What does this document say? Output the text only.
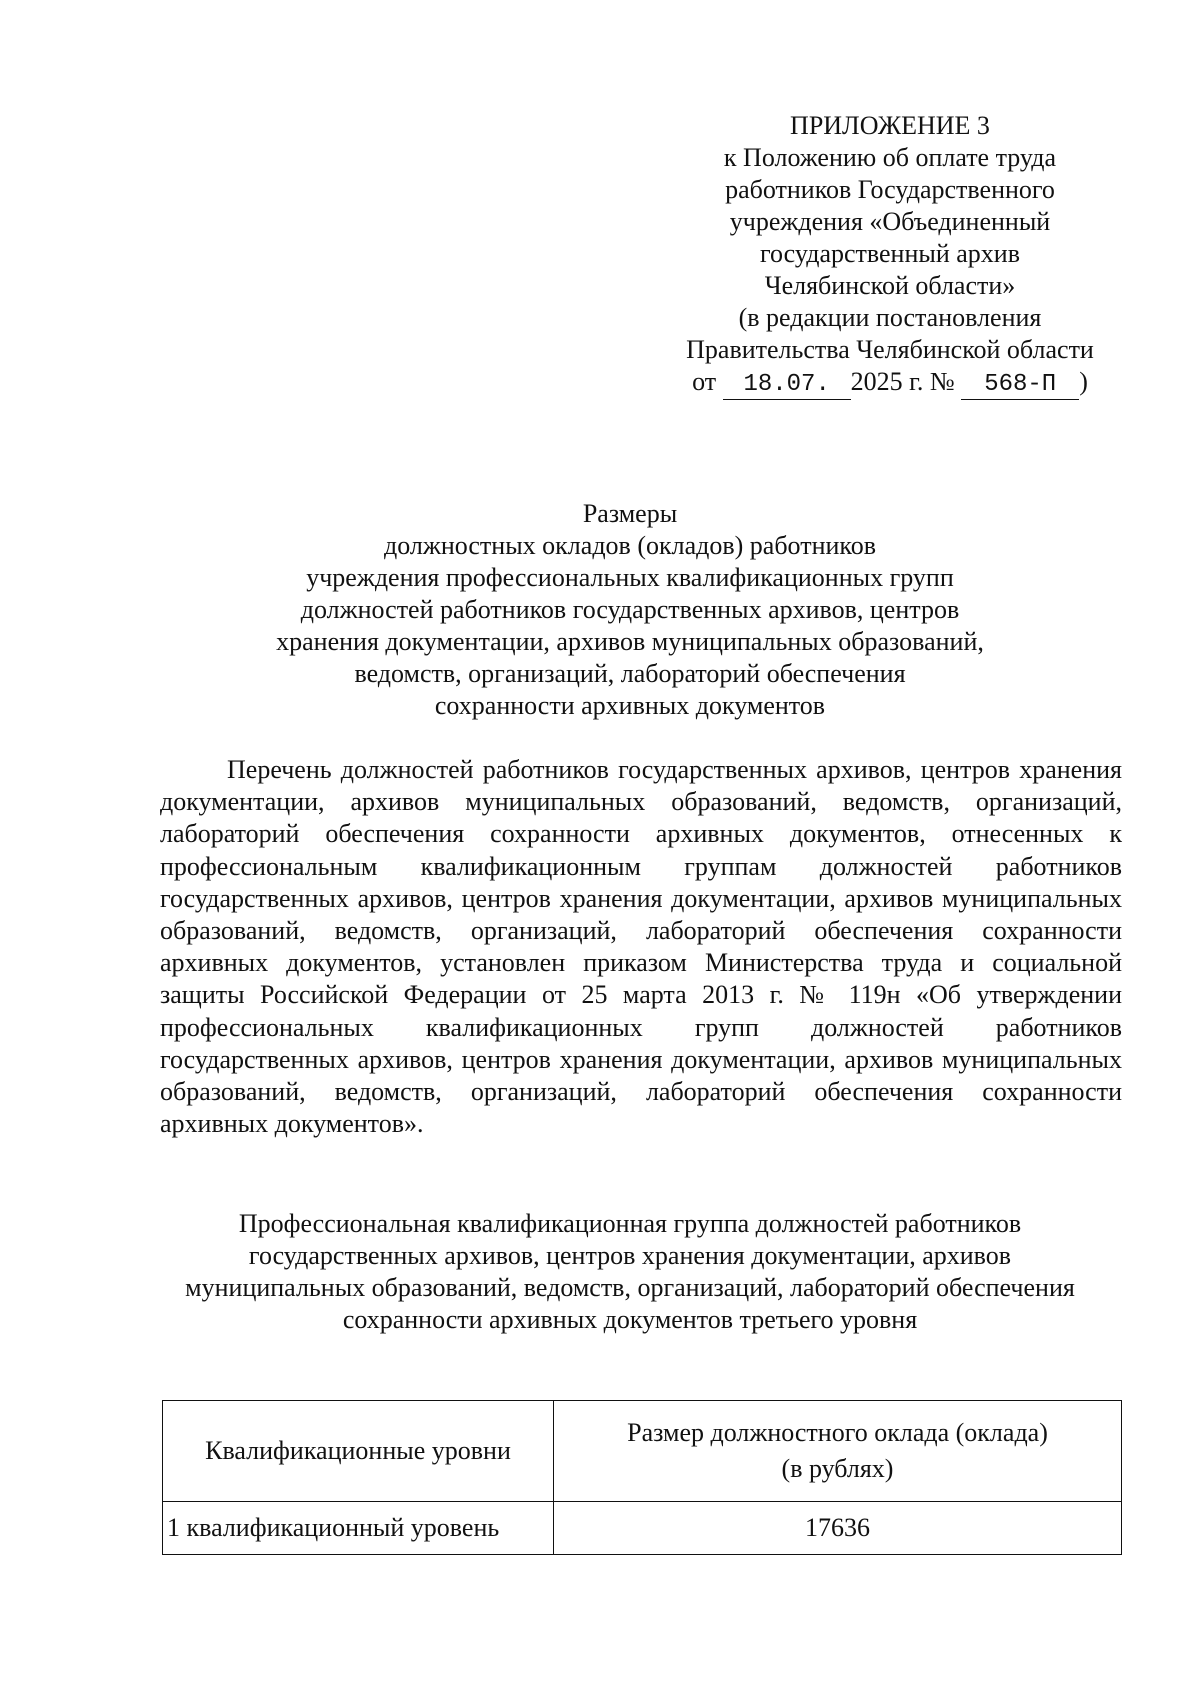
ПРИЛОЖЕНИЕ 3
к Положению об оплате труда
работников Государственного
учреждения «Объединенный
государственный архив
Челябинской области»
(в редакции постановления
Правительства Челябинской области
от 18.07. 2025 г. № 568-П )
Размеры
должностных окладов (окладов) работников
учреждения профессиональных квалификационных групп
должностей работников государственных архивов, центров
хранения документации, архивов муниципальных образований,
ведомств, организаций, лабораторий обеспечения
сохранности архивных документов

Перечень должностей работников государственных архивов, центров хранения документации, архивов муниципальных образований, ведомств, организаций, лабораторий обеспечения сохранности архивных документов, отнесенных к профессиональным квалификационным группам должностей работников государственных архивов, центров хранения документации, архивов муниципальных образований, ведомств, организаций, лабораторий обеспечения сохранности архивных документов, установлен приказом Министерства труда и социальной защиты Российской Федерации от 25 марта 2013 г. № 119н «Об утверждении профессиональных квалификационных групп должностей работников государственных архивов, центров хранения документации, архивов муниципальных образований, ведомств, организаций, лабораторий обеспечения сохранности архивных документов».

Профессиональная квалификационная группа должностей работников
государственных архивов, центров хранения документации, архивов
муниципальных образований, ведомств, организаций, лабораторий обеспечения
сохранности архивных документов третьего уровня
Квалификационные уровни	Размер должностного оклада (оклада)
(в рублях)

1 квалификационный уровень	17636
